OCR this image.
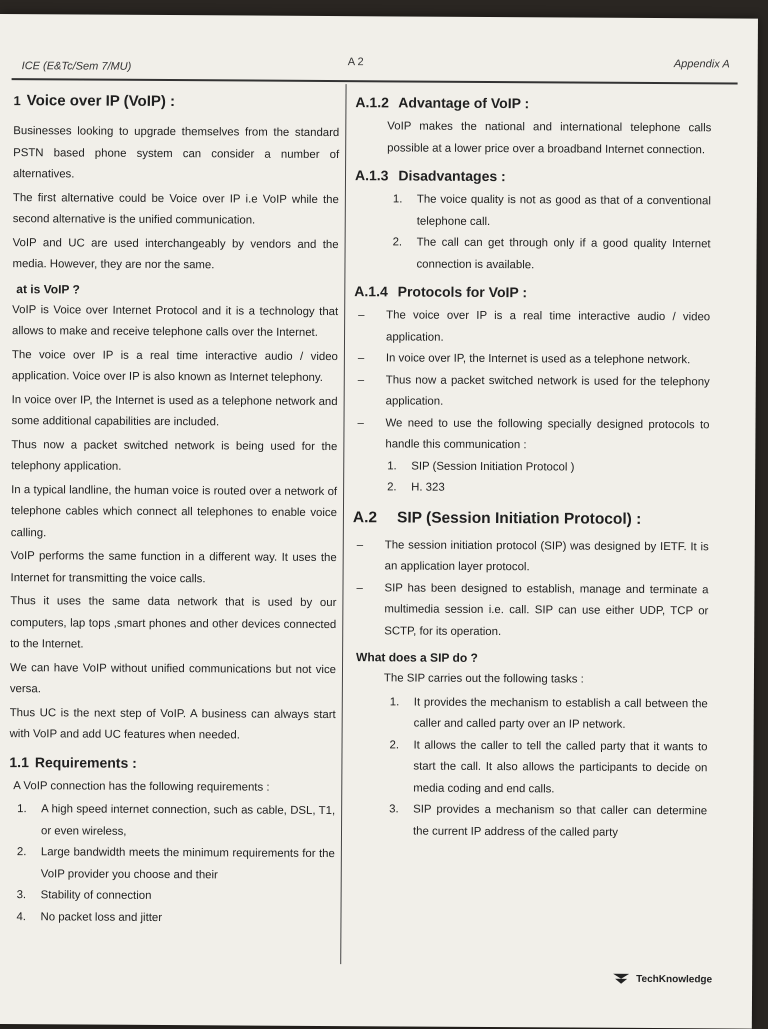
ICE (E&Tc/Sem 7/MU)	A 2	Appendix A
1 Voice over IP (VoIP) :

Businesses looking to upgrade themselves from the standard PSTN based phone system can consider a number of alternatives.

The first alternative could be Voice over IP i.e VoIP while the second alternative is the unified communication.

VoIP and UC are used interchangeably by vendors and the media. However, they are nor the same.

at is VoIP ?

VoIP is Voice over Internet Protocol and it is a technology that allows to make and receive telephone calls over the Internet.

The voice over IP is a real time interactive audio / video application. Voice over IP is also known as Internet telephony.

In voice over IP, the Internet is used as a telephone network and some additional capabilities are included.

Thus now a packet switched network is being used for the telephony application.

In a typical landline, the human voice is routed over a network of telephone cables which connect all telephones to enable voice calling.

VoIP performs the same function in a different way. It uses the Internet for transmitting the voice calls.

Thus it uses the same data network that is used by our computers, lap tops ,smart phones and other devices connected to the Internet.

We can have VoIP without unified communications but not vice versa.

Thus UC is the next step of VoIP. A business can always start with VoIP and add UC features when needed.

1.1 Requirements :

A VoIP connection has the following requirements :

1. A high speed internet connection, such as cable, DSL, T1, or even wireless,
2. Large bandwidth meets the minimum requirements for the VoIP provider you choose and their
3. Stability of connection
4. No packet loss and jitter
A.1.2 Advantage of VoIP :

VoIP makes the national and international telephone calls possible at a lower price over a broadband Internet connection.

A.1.3 Disadvantages :
1. The voice quality is not as good as that of a conventional telephone call.
2. The call can get through only if a good quality Internet connection is available.
A.1.4 Protocols for VoIP :
– The voice over IP is a real time interactive audio / video application.
– In voice over IP, the Internet is used as a telephone network.
– Thus now a packet switched network is used for the telephony application.
– We need to use the following specially designed protocols to handle this communication :
1. SIP (Session Initiation Protocol )
2. H. 323
A.2 SIP (Session Initiation Protocol) :
– The session initiation protocol (SIP) was designed by IETF. It is an application layer protocol.
– SIP has been designed to establish, manage and terminate a multimedia session i.e. call. SIP can use either UDP, TCP or SCTP, for its operation.
What does a SIP do ?

The SIP carries out the following tasks :

1. It provides the mechanism to establish a call between the caller and called party over an IP network.
2. It allows the caller to tell the called party that it wants to start the call. It also allows the participants to decide on media coding and end calls.
3. SIP provides a mechanism so that caller can determine the current IP address of the called party
TechKnowledge
